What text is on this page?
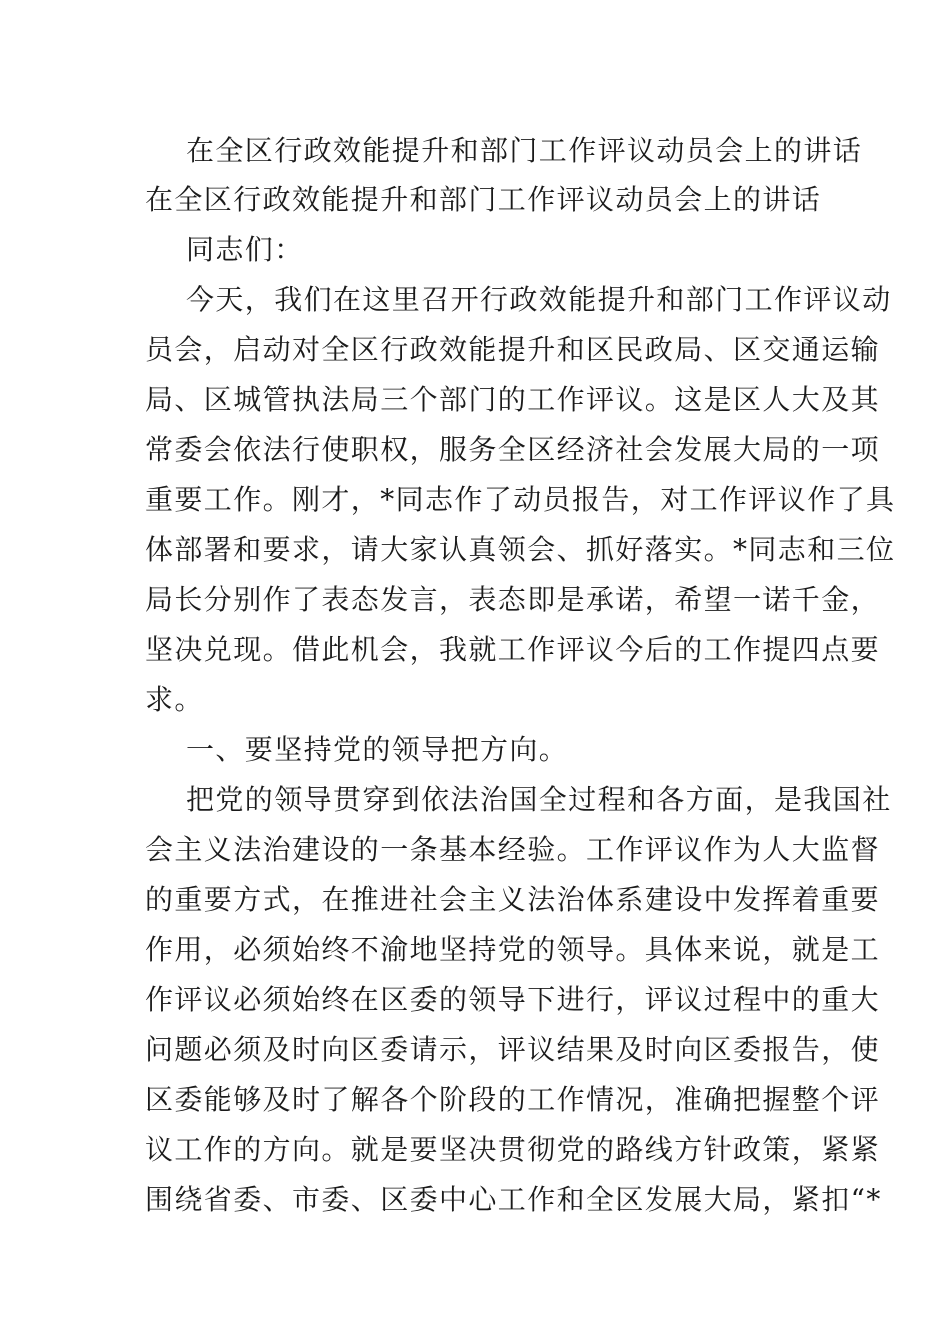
在全区行政效能提升和部门工作评议动员会上的讲话
在全区行政效能提升和部门工作评议动员会上的讲话
同志们：
今天，我们在这里召开行政效能提升和部门工作评议动
员会，启动对全区行政效能提升和区民政局、区交通运输
局、区城管执法局三个部门的工作评议。这是区人大及其
常委会依法行使职权，服务全区经济社会发展大局的一项
重要工作。刚才，*同志作了动员报告，对工作评议作了具
体部署和要求，请大家认真领会、抓好落实。*同志和三位
局长分别作了表态发言，表态即是承诺，希望一诺千金，
坚决兑现。借此机会，我就工作评议今后的工作提四点要
求。
一、要坚持党的领导把方向。
把党的领导贯穿到依法治国全过程和各方面，是我国社
会主义法治建设的一条基本经验。工作评议作为人大监督
的重要方式，在推进社会主义法治体系建设中发挥着重要
作用，必须始终不渝地坚持党的领导。具体来说，就是工
作评议必须始终在区委的领导下进行，评议过程中的重大
问题必须及时向区委请示，评议结果及时向区委报告，使
区委能够及时了解各个阶段的工作情况，准确把握整个评
议工作的方向。就是要坚决贯彻党的路线方针政策，紧紧
围绕省委、市委、区委中心工作和全区发展大局，紧扣“*
